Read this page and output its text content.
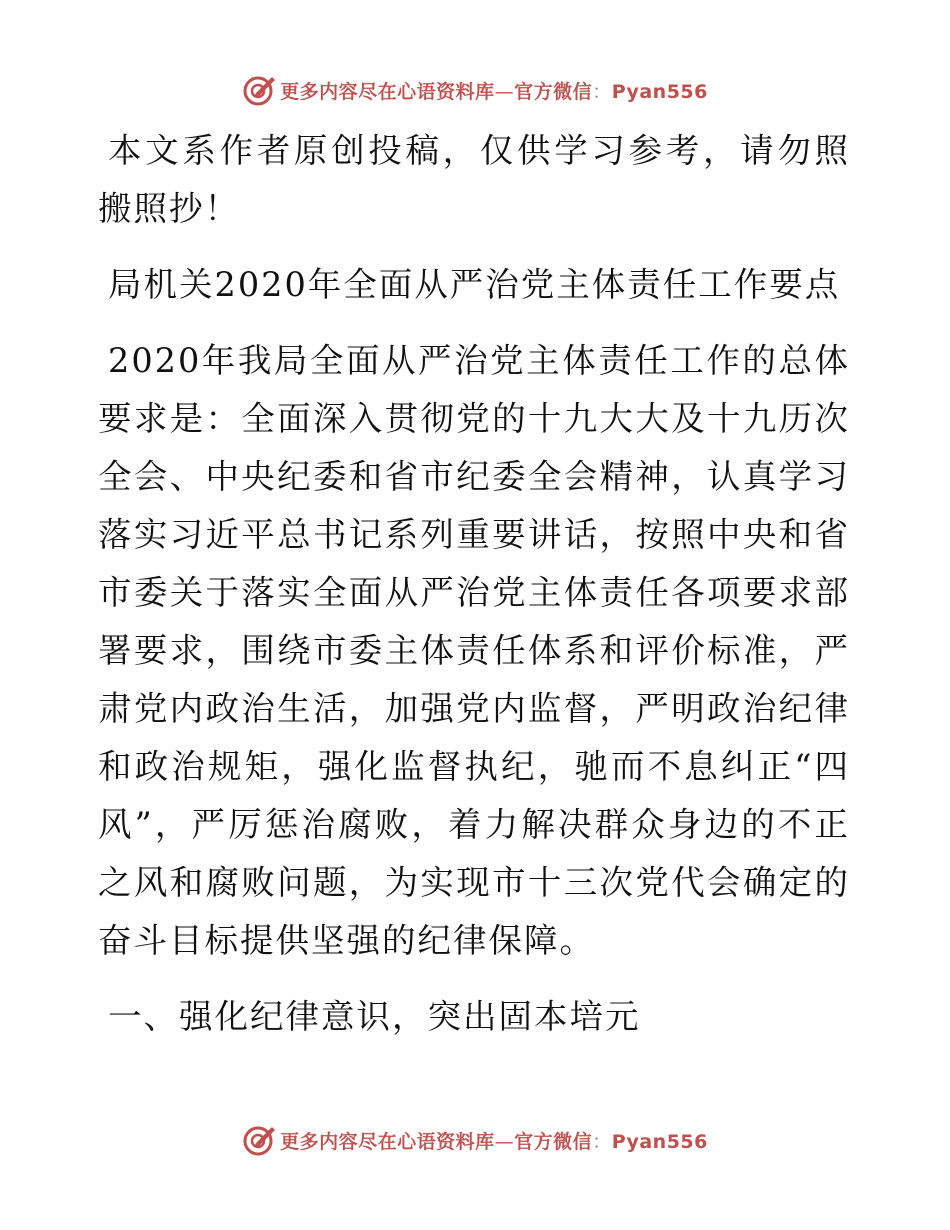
更多内容尽在心语资料库—官方微信：Pyan556

本文系作者原创投稿，仅供学习参考，请勿照搬照抄！

局机关2020年全面从严治党主体责任工作要点

2020年我局全面从严治党主体责任工作的总体要求是：全面深入贯彻党的十九大大及十九历次全会、中央纪委和省市纪委全会精神，认真学习落实习近平总书记系列重要讲话，按照中央和省市委关于落实全面从严治党主体责任各项要求部署要求，围绕市委主体责任体系和评价标准，严肃党内政治生活，加强党内监督，严明政治纪律和政治规矩，强化监督执纪，驰而不息纠正“四风”，严厉惩治腐败，着力解决群众身边的不正之风和腐败问题，为实现市十三次党代会确定的奋斗目标提供坚强的纪律保障。

一、强化纪律意识，突出固本培元

更多内容尽在心语资料库—官方微信：Pyan556
